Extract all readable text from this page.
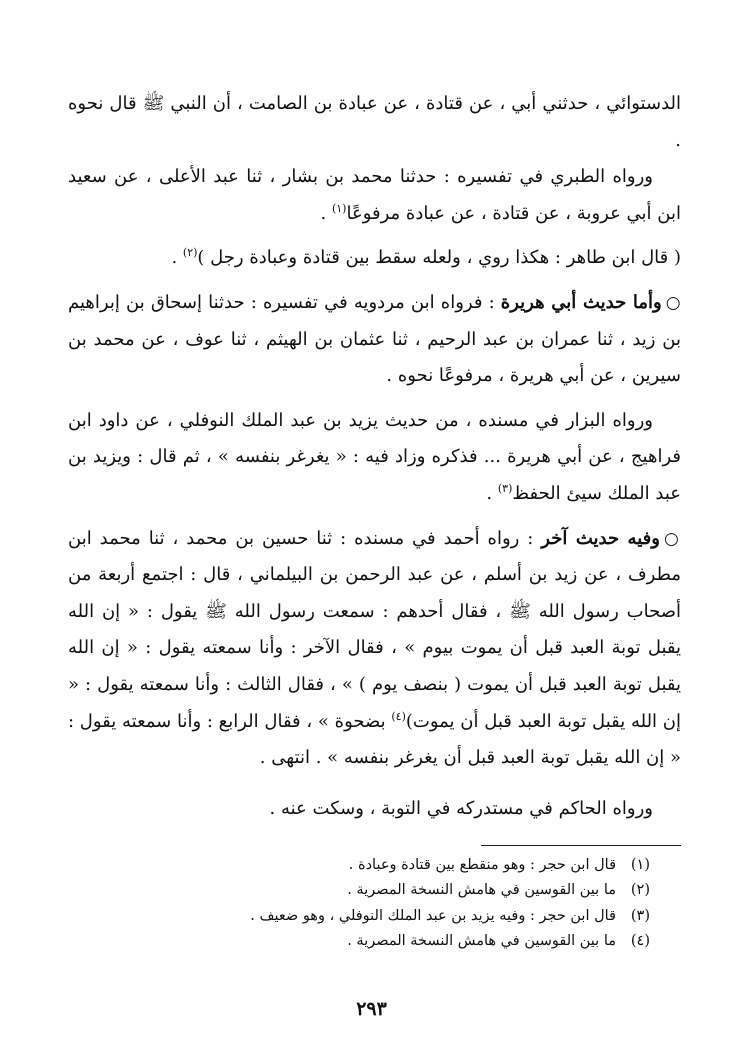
الدستوائي ، حدثني أبي ، عن قتادة ، عن عبادة بن الصامت ، أن النبي ﷺ قال نحوه .

ورواه الطبري في تفسيره : حدثنا محمد بن بشار ، ثنا عبد الأعلى ، عن سعيد ابن أبي عروبة ، عن قتادة ، عن عبادة مرفوعًا$^{(١)}$ .

( قال ابن طاهر : هكذا روي ، ولعله سقط بين قتادة وعبادة رجل )$^{(٢)}$ .

○وأما حديث أبي هريرة : فرواه ابن مردويه في تفسيره : حدثنا إسحاق بن إبراهيم بن زيد ، ثنا عمران بن عبد الرحيم ، ثنا عثمان بن الهيثم ، ثنا عوف ، عن محمد بن سيرين ، عن أبي هريرة ، مرفوعًا نحوه .

ورواه البزار في مسنده ، من حديث يزيد بن عبد الملك النوفلي ، عن داود ابن فراهيج ، عن أبي هريرة ... فذكره وزاد فيه : « يغرغر بنفسه » ، ثم قال : ويزيد بن عبد الملك سيئ الحفظ$^{(٣)}$ .

○وفيه حديث آخر : رواه أحمد في مسنده : ثنا حسين بن محمد ، ثنا محمد ابن مطرف ، عن زيد بن أسلم ، عن عبد الرحمن بن البيلماني ، قال : اجتمع أربعة من أصحاب رسول الله ﷺ ، فقال أحدهم : سمعت رسول الله ﷺ يقول : « إن الله يقبل توبة العبد قبل أن يموت بيوم » ، فقال الآخر : وأنا سمعته يقول : « إن الله يقبل توبة العبد قبل أن يموت ( بنصف يوم ) » ، فقال الثالث : وأنا سمعته يقول : « إن الله يقبل توبة العبد قبل أن يموت)$^{(٤)}$ بضحوة » ، فقال الرابع : وأنا سمعته يقول : « إن الله يقبل توبة العبد قبل أن يغرغر بنفسه » . انتهى .

ورواه الحاكم في مستدركه في التوبة ، وسكت عنه .

(١)
قال ابن حجر : وهو منقطع بين قتادة وعبادة .
(٢)
ما بين القوسين في هامش النسخة المصرية .
(٣)
قال ابن حجر : وفيه يزيد بن عبد الملك النوفلي ، وهو ضعيف .
(٤)
ما بين القوسين في هامش النسخة المصرية .
٢٩٣
